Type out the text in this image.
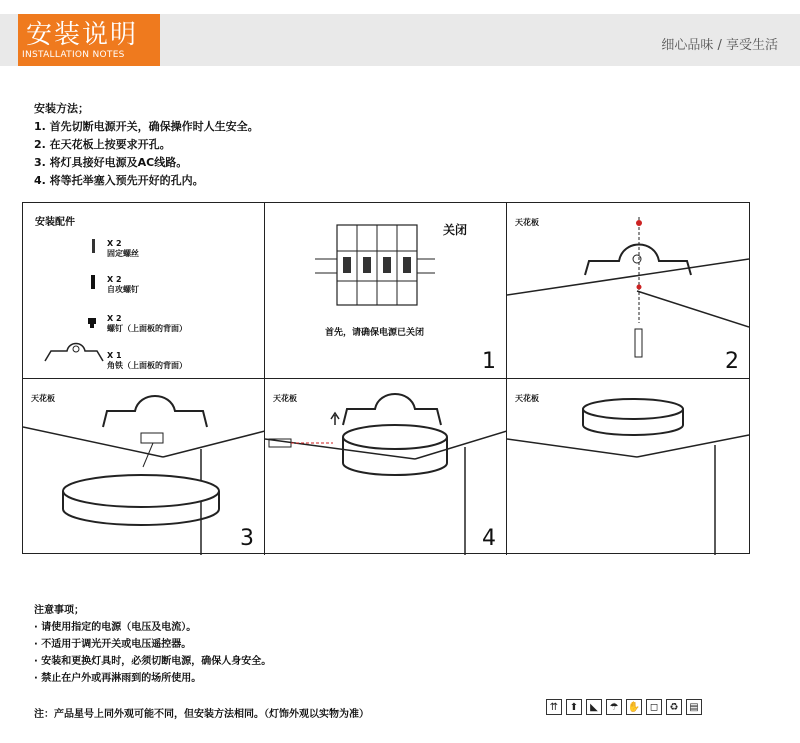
安装说明
INSTALLATION NOTES
细心品味 / 享受生活
安装方法；
1. 首先切断电源开关，确保操作时人生安全。
2. 在天花板上按要求开孔。
3. 将灯具接好电源及AC线路。
4. 将等托举塞入预先开好的孔内。
安装配件
X 2
固定螺丝
X 2
自攻螺钉
X 2
螺钉（上面板的背面）
X 1
角铁（上面板的背面）
关闭
首先，请确保电源已关闭
1
天花板
2
天花板
3
天花板
4
天花板
注意事项；
· 请使用指定的电源（电压及电流）。
· 不适用于调光开关或电压遥控器。
· 安装和更换灯具时，必须切断电源，确保人身安全。
· 禁止在户外或再淋雨到的场所使用。
注：产品星号上同外观可能不同，但安装方法相同。（灯饰外观以实物为准）
⇈	⬆	◣	☂ ✋ ◻	♻	▤
